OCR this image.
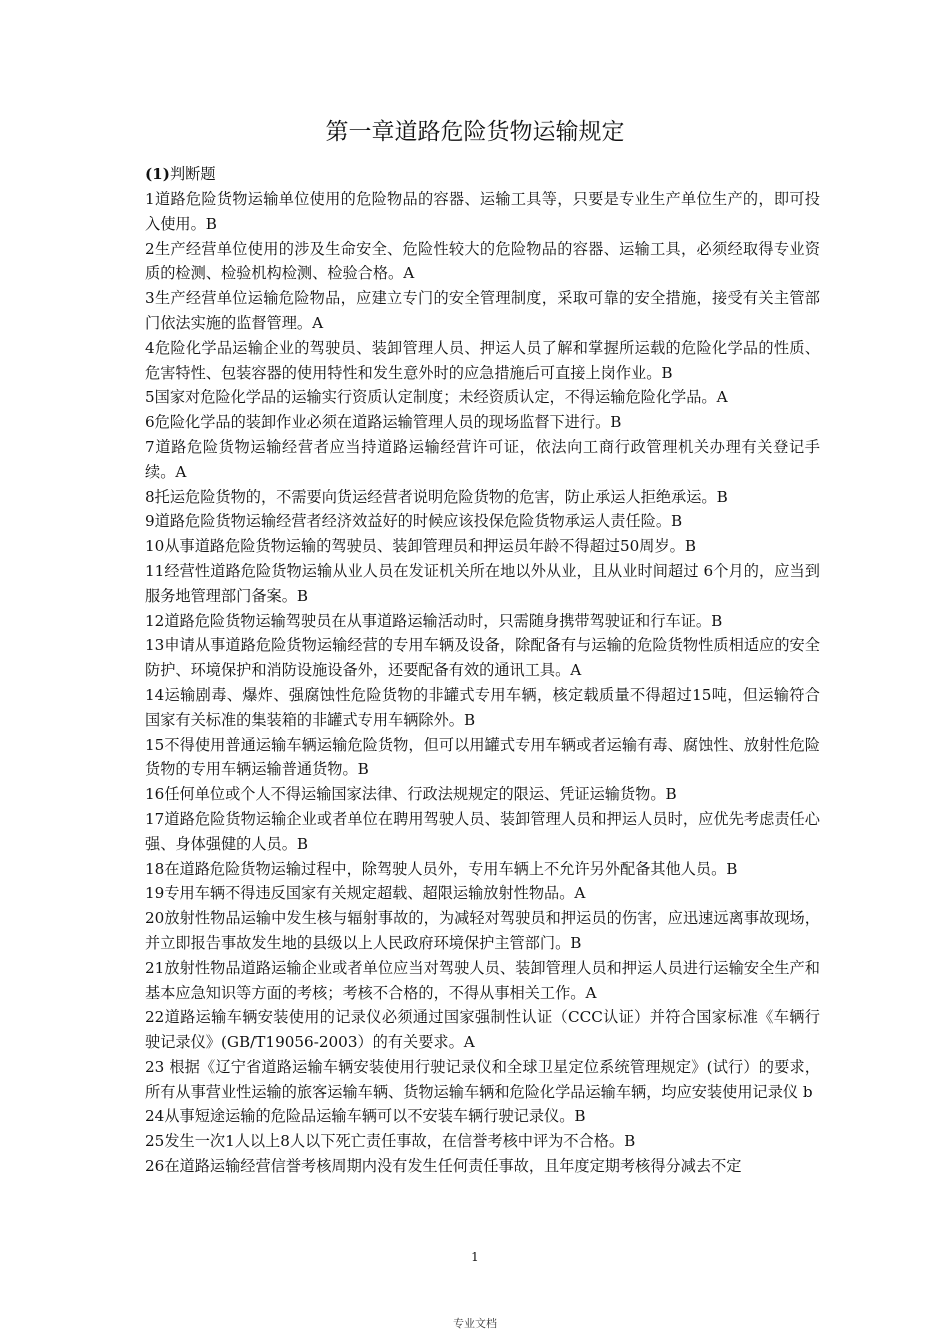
第一章道路危险货物运输规定
(1)判断题

1道路危险货物运输单位使用的危险物品的容器、运输工具等，只要是专业生产单位生产的，即可投入使用。B

2生产经营单位使用的涉及生命安全、危险性较大的危险物品的容器、运输工具，必须经取得专业资质的检测、检验机构检测、检验合格。A

3生产经营单位运输危险物品，应建立专门的安全管理制度，采取可靠的安全措施，接受有关主管部门依法实施的监督管理。A

4危险化学品运输企业的驾驶员、装卸管理人员、押运人员了解和掌握所运载的危险化学品的性质、危害特性、包装容器的使用特性和发生意外时的应急措施后可直接上岗作业。B

5国家对危险化学品的运输实行资质认定制度；未经资质认定，不得运输危险化学品。A

6危险化学品的装卸作业必须在道路运输管理人员的现场监督下进行。B

7道路危险货物运输经营者应当持道路运输经营许可证，依法向工商行政管理机关办理有关登记手续。A

8托运危险货物的，不需要向货运经营者说明危险货物的危害，防止承运人拒绝承运。B

9道路危险货物运输经营者经济效益好的时候应该投保危险货物承运人责任险。B

10从事道路危险货物运输的驾驶员、装卸管理员和押运员年龄不得超过50周岁。B

11经营性道路危险货物运输从业人员在发证机关所在地以外从业，且从业时间超过 6个月的，应当到服务地管理部门备案。B

12道路危险货物运输驾驶员在从事道路运输活动时，只需随身携带驾驶证和行车证。B

13申请从事道路危险货物运输经营的专用车辆及设备，除配备有与运输的危险货物性质相适应的安全防护、环境保护和消防设施设备外，还要配备有效的通讯工具。A

14运输剧毒、爆炸、强腐蚀性危险货物的非罐式专用车辆，核定载质量不得超过15吨，但运输符合国家有关标准的集装箱的非罐式专用车辆除外。B

15不得使用普通运输车辆运输危险货物，但可以用罐式专用车辆或者运输有毒、腐蚀性、放射性危险货物的专用车辆运输普通货物。B

16任何单位或个人不得运输国家法律、行政法规规定的限运、凭证运输货物。B

17道路危险货物运输企业或者单位在聘用驾驶人员、装卸管理人员和押运人员时，应优先考虑责任心强、身体强健的人员。B

18在道路危险货物运输过程中，除驾驶人员外，专用车辆上不允许另外配备其他人员。B

19专用车辆不得违反国家有关规定超载、超限运输放射性物品。A

20放射性物品运输中发生核与辐射事故的，为减轻对驾驶员和押运员的伤害，应迅速远离事故现场，并立即报告事故发生地的县级以上人民政府环境保护主管部门。B

21放射性物品道路运输企业或者单位应当对驾驶人员、装卸管理人员和押运人员进行运输安全生产和基本应急知识等方面的考核；考核不合格的，不得从事相关工作。A

22道路运输车辆安装使用的记录仪必须通过国家强制性认证（CCC认证）并符合国家标准《车辆行驶记录仪》(GB/T19056-2003）的有关要求。A

23 根据《辽宁省道路运输车辆安装使用行驶记录仪和全球卫星定位系统管理规定》(试行）的要求，所有从事营业性运输的旅客运输车辆、货物运输车辆和危险化学品运输车辆，均应安装使用记录仪 b

24从事短途运输的危险品运输车辆可以不安装车辆行驶记录仪。B

25发生一次1人以上8人以下死亡责任事故，在信誉考核中评为不合格。B

26在道路运输经营信誉考核周期内没有发生任何责任事故，且年度定期考核得分减去不定

1
专业文档
